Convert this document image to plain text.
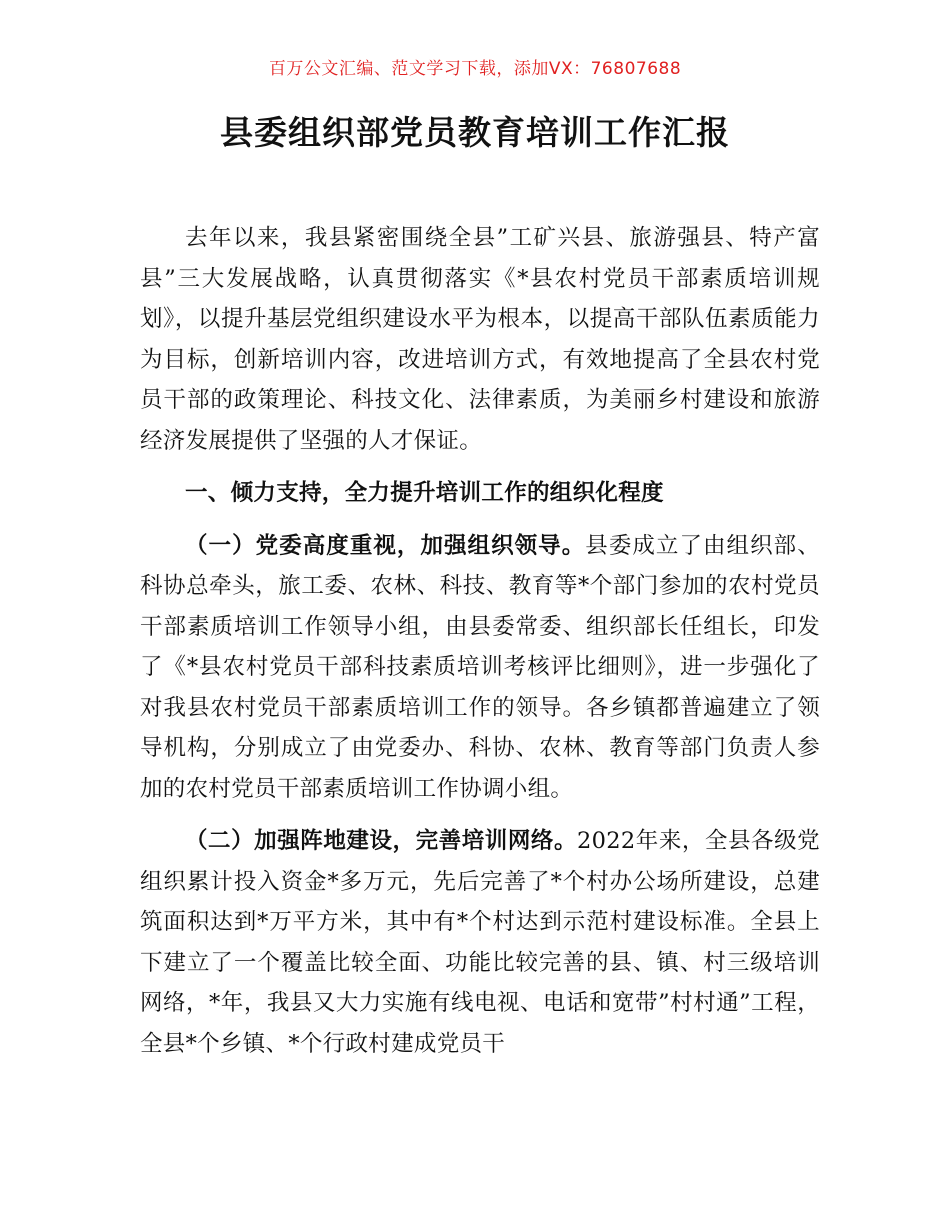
百万公文汇编、范文学习下载，添加VX：76807688
县委组织部党员教育培训工作汇报

去年以来，我县紧密围绕全县”工矿兴县、旅游强县、特产富县”三大发展战略，认真贯彻落实《*县农村党员干部素质培训规划》，以提升基层党组织建设水平为根本，以提高干部队伍素质能力为目标，创新培训内容，改进培训方式，有效地提高了全县农村党员干部的政策理论、科技文化、法律素质，为美丽乡村建设和旅游经济发展提供了坚强的人才保证。

一、倾力支持，全力提升培训工作的组织化程度

（一）党委高度重视，加强组织领导。县委成立了由组织部、科协总牵头，旅工委、农林、科技、教育等*个部门参加的农村党员干部素质培训工作领导小组，由县委常委、组织部长任组长，印发了《*县农村党员干部科技素质培训考核评比细则》，进一步强化了对我县农村党员干部素质培训工作的领导。各乡镇都普遍建立了领导机构，分别成立了由党委办、科协、农林、教育等部门负责人参加的农村党员干部素质培训工作协调小组。

（二）加强阵地建设，完善培训网络。2022年来，全县各级党组织累计投入资金*多万元，先后完善了*个村办公场所建设，总建筑面积达到*万平方米，其中有*个村达到示范村建设标准。全县上下建立了一个覆盖比较全面、功能比较完善的县、镇、村三级培训网络，*年，我县又大力实施有线电视、电话和宽带”村村通”工程，全县*个乡镇、*个行政村建成党员干
